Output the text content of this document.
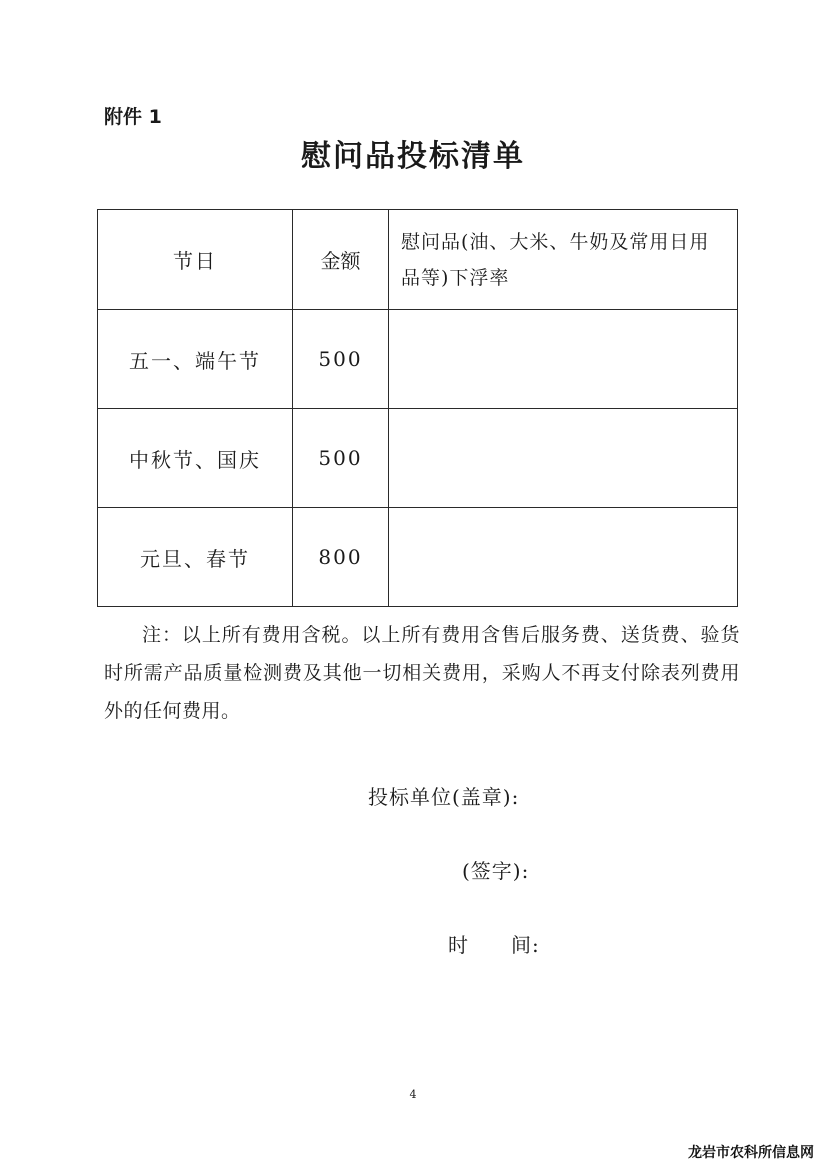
附件 1
慰问品投标清单
节日	金额	慰问品(油、大米、牛奶及常用日用品等)下浮率

五一、端午节	500	
中秋节、国庆	500	
元旦、春节	800	
注：以上所有费用含税。以上所有费用含售后服务费、送货费、验货时所需产品质量检测费及其他一切相关费用，采购人不再支付除表列费用外的任何费用。
投标单位(盖章):
(签字):
时　　间:
4
龙岩市农科所信息网
